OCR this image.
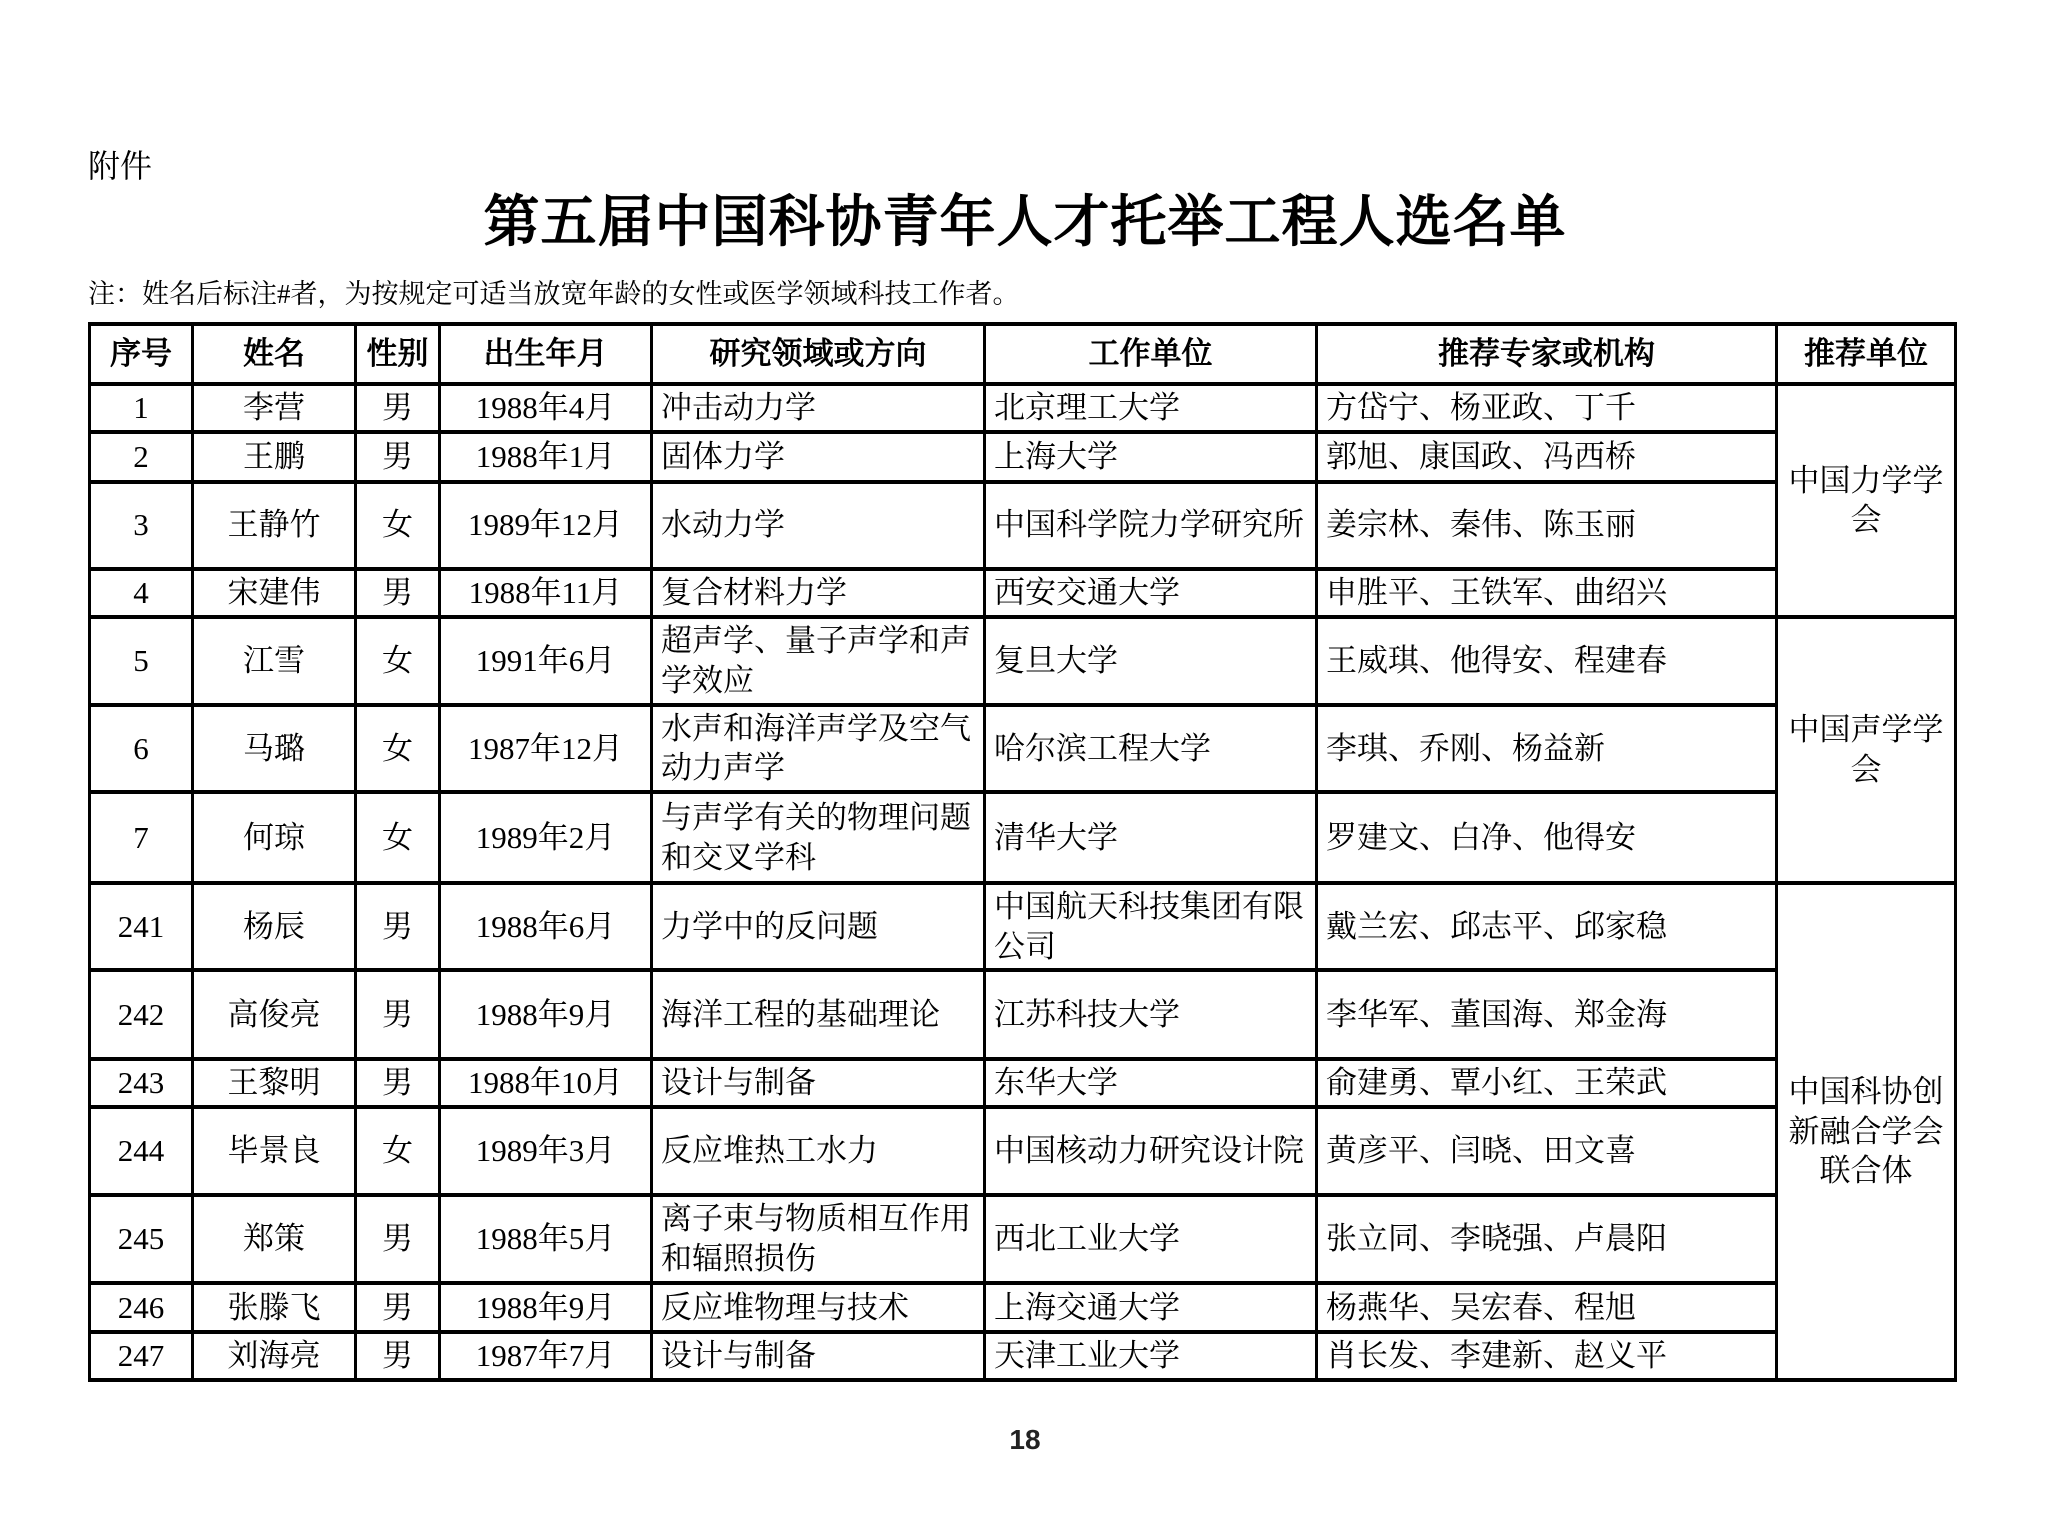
附件
第五届中国科协青年人才托举工程人选名单
注：姓名后标注#者，为按规定可适当放宽年龄的女性或医学领域科技工作者。
序号	姓名	性别	出生年月	研究领域或方向	工作单位	推荐专家或机构	推荐单位
1	李营	男	1988年4月	冲击动力学	北京理工大学	方岱宁、杨亚政、丁千	中国力学学会
2	王鹏	男	1988年1月	固体力学	上海大学	郭旭、康国政、冯西桥	
3	王静竹	女	1989年12月	水动力学	中国科学院力学研究所	姜宗林、秦伟、陈玉丽	
4	宋建伟	男	1988年11月	复合材料力学	西安交通大学	申胜平、王铁军、曲绍兴	
5	江雪	女	1991年6月	超声学、量子声学和声学效应	复旦大学	王威琪、他得安、程建春	中国声学学会
6	马璐	女	1987年12月	水声和海洋声学及空气动力声学	哈尔滨工程大学	李琪、乔刚、杨益新	
7	何琼	女	1989年2月	与声学有关的物理问题和交叉学科	清华大学	罗建文、白净、他得安	
241	杨辰	男	1988年6月	力学中的反问题	中国航天科技集团有限公司	戴兰宏、邱志平、邱家稳	中国科协创新融合学会联合体
242	高俊亮	男	1988年9月	海洋工程的基础理论	江苏科技大学	李华军、董国海、郑金海	
243	王黎明	男	1988年10月	设计与制备	东华大学	俞建勇、覃小红、王荣武	
244	毕景良	女	1989年3月	反应堆热工水力	中国核动力研究设计院	黄彦平、闫晓、田文喜	
245	郑策	男	1988年5月	离子束与物质相互作用和辐照损伤	西北工业大学	张立同、李晓强、卢晨阳	
246	张滕飞	男	1988年9月	反应堆物理与技术	上海交通大学	杨燕华、吴宏春、程旭	
247	刘海亮	男	1987年7月	设计与制备	天津工业大学	肖长发、李建新、赵义平	
18
